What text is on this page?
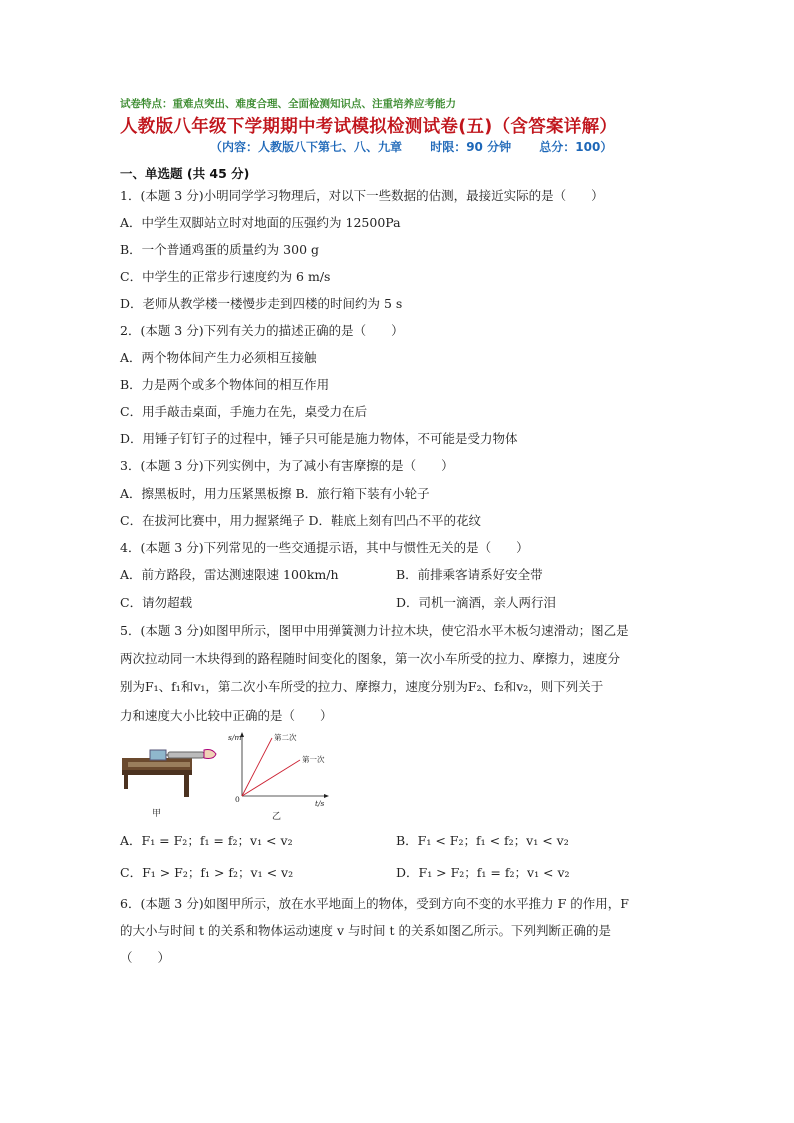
试卷特点：重难点突出、难度合理、全面检测知识点、注重培养应考能力
人教版八年级下学期期中考试模拟检测试卷(五)（含答案详解）
（内容：人教版八下第七、八、九章 时限：90 分钟 总分：100）
一、单选题 (共 45 分)
1．(本题 3 分)小明同学学习物理后，对以下一些数据的估测，最接近实际的是（　　）
A．中学生双脚站立时对地面的压强约为 12500Pa
B．一个普通鸡蛋的质量约为 300 g
C．中学生的正常步行速度约为 6 m/s
D．老师从教学楼一楼慢步走到四楼的时间约为 5 s
2．(本题 3 分)下列有关力的描述正确的是（　　）
A．两个物体间产生力必须相互接触
B．力是两个或多个物体间的相互作用
C．用手敲击桌面，手施力在先，桌受力在后
D．用锤子钉钉子的过程中，锤子只可能是施力物体，不可能是受力物体
3．(本题 3 分)下列实例中，为了减小有害摩擦的是（　　）
A．擦黑板时，用力压紧黑板擦 B．旅行箱下装有小轮子
C．在拔河比赛中，用力握紧绳子 D．鞋底上刻有凹凸不平的花纹
4．(本题 3 分)下列常见的一些交通提示语，其中与惯性无关的是（　　）
A．前方路段，雷达测速限速 100km/h	B．前排乘客请系好安全带
C．请勿超载	D．司机一滴酒，亲人两行泪
5．(本题 3 分)如图甲所示，图甲中用弹簧测力计拉木块，使它沿水平木板匀速滑动；图乙是
两次拉动同一木块得到的路程随时间变化的图象，第一次小车所受的拉力、摩擦力，速度分
别为F₁、f₁和v₁，第二次小车所受的拉力、摩擦力，速度分别为F₂、f₂和v₂，则下列关于
力和速度大小比较中正确的是（　　）
甲
s/m
t/s
0
第二次
第一次
乙
A．F₁ = F₂；f₁ = f₂；v₁ < v₂	B．F₁ < F₂；f₁ < f₂；v₁ < v₂
C．F₁ > F₂；f₁ > f₂；v₁ < v₂	D．F₁ > F₂；f₁ = f₂；v₁ < v₂
6．(本题 3 分)如图甲所示，放在水平地面上的物体，受到方向不变的水平推力 F 的作用，F
的大小与时间 t 的关系和物体运动速度 v 与时间 t 的关系如图乙所示。下列判断正确的是
（　　）
